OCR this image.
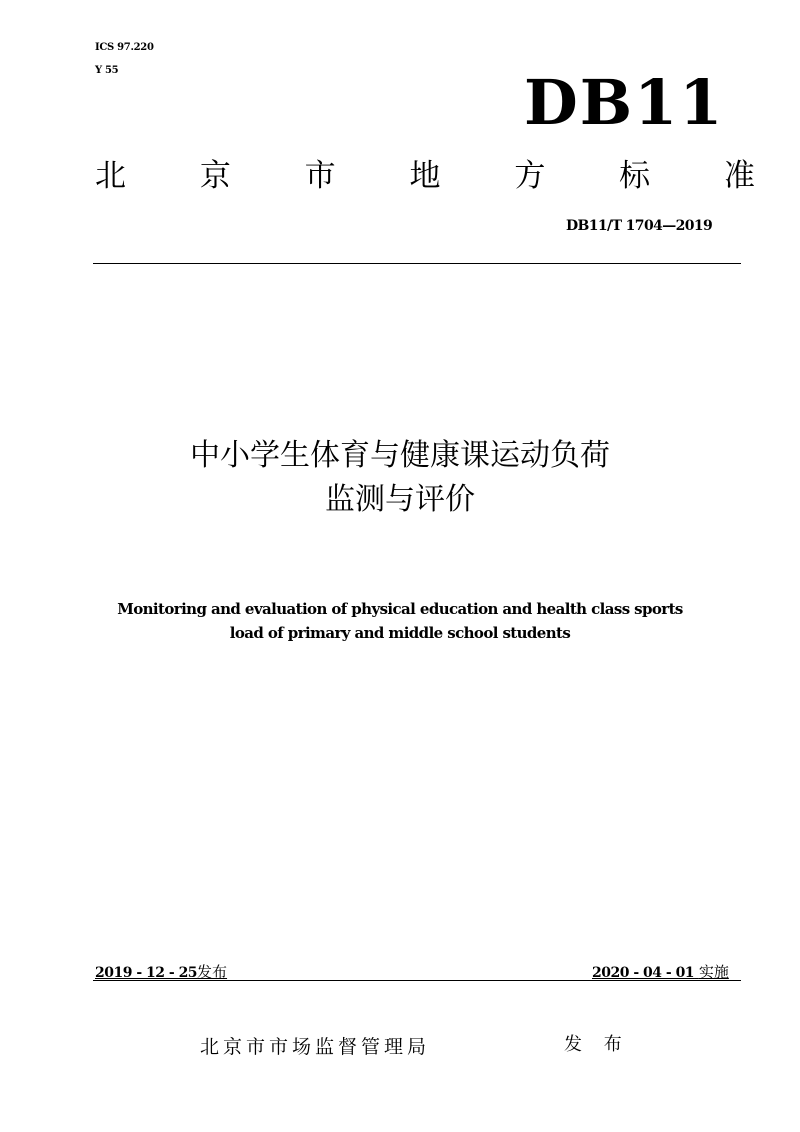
ICS 97.220
Y 55	DB11
北 京 市 地 方 标 准
DB11/T 1704—2019
中小学生体育与健康课运动负荷
监测与评价
Monitoring and evaluation of physical education and health class sports
load of primary and middle school students
2019 - 12 - 25发布	2020 - 04 - 01 实施
北京市市场监督管理局	发 布
